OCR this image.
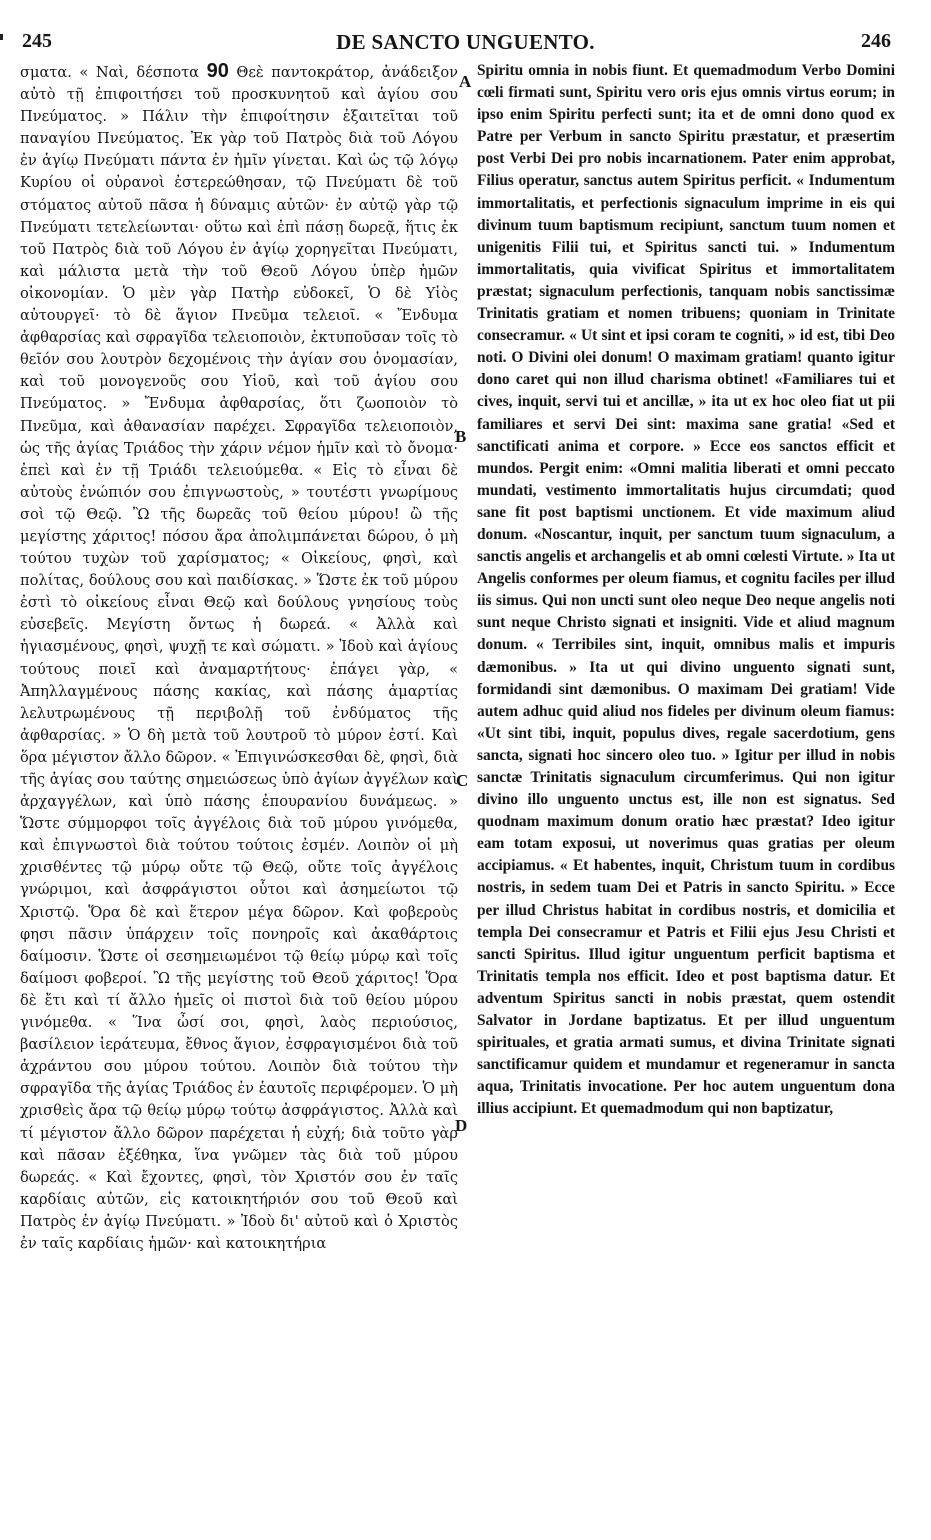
245	DE SANCTO UNGUENTO.	246

σματα. « Ναὶ, δέσποτα 90 Θεὲ παντοκράτορ, ἀνάδειξον αὐτὸ τῇ ἐπιφοιτήσει τοῦ προσκυνητοῦ καὶ ἁγίου σου Πνεύματος. » Πάλιν τὴν ἐπιφοίτησιν ἐξαιτεῖται τοῦ παναγίου Πνεύματος. Ἐκ γὰρ τοῦ Πατρὸς διὰ τοῦ Λόγου ἐν ἁγίῳ Πνεύματι πάντα ἐν ἡμῖν γίνεται. Καὶ ὡς τῷ λόγῳ Κυρίου οἱ οὐρανοὶ ἐστερεώθησαν, τῷ Πνεύματι δὲ τοῦ στόματος αὐτοῦ πᾶσα ἡ δύναμις αὐτῶν· ἐν αὐτῷ γὰρ τῷ Πνεύματι τετελείωνται· οὕτω καὶ ἐπὶ πάσῃ δωρεᾷ, ἥτις ἐκ τοῦ Πατρὸς διὰ τοῦ Λόγου ἐν ἁγίῳ χορηγεῖται Πνεύματι, καὶ μάλιστα μετὰ τὴν τοῦ Θεοῦ Λόγου ὑπὲρ ἡμῶν οἰκονομίαν. Ὁ μὲν γὰρ Πατὴρ εὐδοκεῖ, Ὁ δὲ Υἱὸς αὐτουργεῖ· τὸ δὲ ἅγιον Πνεῦμα τελειοῖ. « Ἔνδυμα ἀφθαρσίας καὶ σφραγῖδα τελειοποιὸν, ἐκτυποῦσαν τοῖς τὸ θεῖόν σου λουτρὸν δεχομένοις τὴν ἁγίαν σου ὀνομασίαν, καὶ τοῦ μονογενοῦς σου Υἱοῦ, καὶ τοῦ ἁγίου σου Πνεύματος. » Ἔνδυμα ἀφθαρσίας, ὅτι ζωοποιὸν τὸ Πνεῦμα, καὶ ἀθανασίαν παρέχει. Σφραγῖδα τελειοποιὸν, ὡς τῆς ἁγίας Τριάδος τὴν χάριν νέμον ἡμῖν καὶ τὸ ὄνομα· ἐπεὶ καὶ ἐν τῇ Τριάδι τελειούμεθα. « Εἰς τὸ εἶναι δὲ αὐτοὺς ἐνώπιόν σου ἐπιγνωστοὺς, » τουτέστι γνωρίμους σοὶ τῷ Θεῷ. Ὢ τῆς δωρεᾶς τοῦ θείου μύρου! ὢ τῆς μεγίστης χάριτος! πόσου ἄρα ἀπολιμπάνεται δώρου, ὁ μὴ τούτου τυχὼν τοῦ χαρίσματος; « Οἰκείους, φησὶ, καὶ πολίτας, δούλους σου καὶ παιδίσκας. » Ὥστε ἐκ τοῦ μύρου ἐστὶ τὸ οἰκείους εἶναι Θεῷ καὶ δούλους γνησίους τοὺς εὐσεβεῖς. Μεγίστη ὄντως ἡ δωρεά. « Ἀλλὰ καὶ ἡγιασμένους, φησὶ, ψυχῇ τε καὶ σώματι. » Ἰδοὺ καὶ ἁγίους τούτους ποιεῖ καὶ ἀναμαρτήτους· ἐπάγει γὰρ, « Ἀπηλλαγμένους πάσης κακίας, καὶ πάσης ἁμαρτίας λελυτρωμένους τῇ περιβολῇ τοῦ ἐνδύματος τῆς ἀφθαρσίας. » Ὁ δὴ μετὰ τοῦ λουτροῦ τὸ μύρον ἐστί. Καὶ ὅρα μέγιστον ἄλλο δῶρον. « Ἐπιγινώσκεσθαι δὲ, φησὶ, διὰ τῆς ἁγίας σου ταύτης σημειώσεως ὑπὸ ἁγίων ἀγγέλων καὶ ἀρχαγγέλων, καὶ ὑπὸ πάσης ἐπουρανίου δυνάμεως. » Ὥστε σύμμορφοι τοῖς ἀγγέλοις διὰ τοῦ μύρου γινόμεθα, καὶ ἐπιγνωστοὶ διὰ τούτου τούτοις ἐσμέν. Λοιπὸν οἱ μὴ χρισθέντες τῷ μύρῳ οὔτε τῷ Θεῷ, οὔτε τοῖς ἀγγέλοις γνώριμοι, καὶ ἀσφράγιστοι οὗτοι καὶ ἀσημείωτοι τῷ Χριστῷ. Ὅρα δὲ καὶ ἕτερον μέγα δῶρον. Καὶ φοβεροὺς φησι πᾶσιν ὑπάρχειν τοῖς πονηροῖς καὶ ἀκαθάρτοις δαίμοσιν. Ὥστε οἱ σεσημειωμένοι τῷ θείῳ μύρῳ καὶ τοῖς δαίμοσι φοβεροί. Ὢ τῆς μεγίστης τοῦ Θεοῦ χάριτος! Ὅρα δὲ ἔτι καὶ τί ἄλλο ἡμεῖς οἱ πιστοὶ διὰ τοῦ θείου μύρου γινόμεθα. « Ἵνα ὦσί σοι, φησὶ, λαὸς περιούσιος, βασίλειον ἱεράτευμα, ἔθνος ἅγιον, ἐσφραγισμένοι διὰ τοῦ ἀχράντου σου μύρου τούτου. Λοιπὸν διὰ τούτου τὴν σφραγῖδα τῆς ἁγίας Τριάδος ἐν ἑαυτοῖς περιφέρομεν. Ὁ μὴ χρισθεὶς ἄρα τῷ θείῳ μύρῳ τούτῳ ἀσφράγιστος. Ἀλλὰ καὶ τί μέγιστον ἄλλο δῶρον παρέχεται ἡ εὐχή; διὰ τοῦτο γὰρ καὶ πᾶσαν ἐξέθηκα, ἵνα γνῶμεν τὰς διὰ τοῦ μύρου δωρεάς. « Καὶ ἔχοντες, φησὶ, τὸν Χριστόν σου ἐν ταῖς καρδίαις αὐτῶν, εἰς κατοικητήριόν σου τοῦ Θεοῦ καὶ Πατρὸς ἐν ἁγίῳ Πνεύματι. » Ἰδοὺ δι' αὐτοῦ καὶ ὁ Χριστὸς ἐν ταῖς καρδίαις ἡμῶν· καὶ κατοικητήρια

A
B
C
D

Spiritu omnia in nobis fiunt. Et quemadmodum Verbo Domini cœli firmati sunt, Spiritu vero oris ejus omnis virtus eorum; in ipso enim Spiritu perfecti sunt; ita et de omni dono quod ex Patre per Verbum in sancto Spiritu præstatur, et præsertim post Verbi Dei pro nobis incarnationem. Pater enim approbat, Filius operatur, sanctus autem Spiritus perficit. « Indumentum immortalitatis, et perfectionis signaculum imprime in eis qui divinum tuum baptismum recipiunt, sanctum tuum nomen et unigenitis Filii tui, et Spiritus sancti tui. » Indumentum immortalitatis, quia vivificat Spiritus et immortalitatem præstat; signaculum perfectionis, tanquam nobis sanctissimæ Trinitatis gratiam et nomen tribuens; quoniam in Trinitate consecramur. « Ut sint et ipsi coram te cogniti, » id est, tibi Deo noti. O Divini olei donum! O maximam gratiam! quanto igitur dono caret qui non illud charisma obtinet! «Familiares tui et cives, inquit, servi tui et ancillæ, » ita ut ex hoc oleo fiat ut pii familiares et servi Dei sint: maxima sane gratia! «Sed et sanctificati anima et corpore. » Ecce eos sanctos efficit et mundos. Pergit enim: «Omni malitia liberati et omni peccato mundati, vestimento immortalitatis hujus circumdati; quod sane fit post baptismi unctionem. Et vide maximum aliud donum. «Noscantur, inquit, per sanctum tuum signaculum, a sanctis angelis et archangelis et ab omni cœlesti Virtute. » Ita ut Angelis conformes per oleum fiamus, et cognitu faciles per illud iis simus. Qui non uncti sunt oleo neque Deo neque angelis noti sunt neque Christo signati et insigniti. Vide et aliud magnum donum. « Terribiles sint, inquit, omnibus malis et impuris dæmonibus. » Ita ut qui divino unguento signati sunt, formidandi sint dæmonibus. O maximam Dei gratiam! Vide autem adhuc quid aliud nos fideles per divinum oleum fiamus: «Ut sint tibi, inquit, populus dives, regale sacerdotium, gens sancta, signati hoc sincero oleo tuo. » Igitur per illud in nobis sanctæ Trinitatis signaculum circumferimus. Qui non igitur divino illo unguento unctus est, ille non est signatus. Sed quodnam maximum donum oratio hæc præstat? Ideo igitur eam totam exposui, ut noverimus quas gratias per oleum accipiamus. « Et habentes, inquit, Christum tuum in cordibus nostris, in sedem tuam Dei et Patris in sancto Spiritu. » Ecce per illud Christus habitat in cordibus nostris, et domicilia et templa Dei consecramur et Patris et Filii ejus Jesu Christi et sancti Spiritus. Illud igitur unguentum perficit baptisma et Trinitatis templa nos efficit. Ideo et post baptisma datur. Et adventum Spiritus sancti in nobis præstat, quem ostendit Salvator in Jordane baptizatus. Et per illud unguentum spirituales, et gratia armati sumus, et divina Trinitate signati sanctificamur quidem et mundamur et regeneramur in sancta aqua, Trinitatis invocatione. Per hoc autem unguentum dona illius accipiunt. Et quemadmodum qui non baptizatur,
